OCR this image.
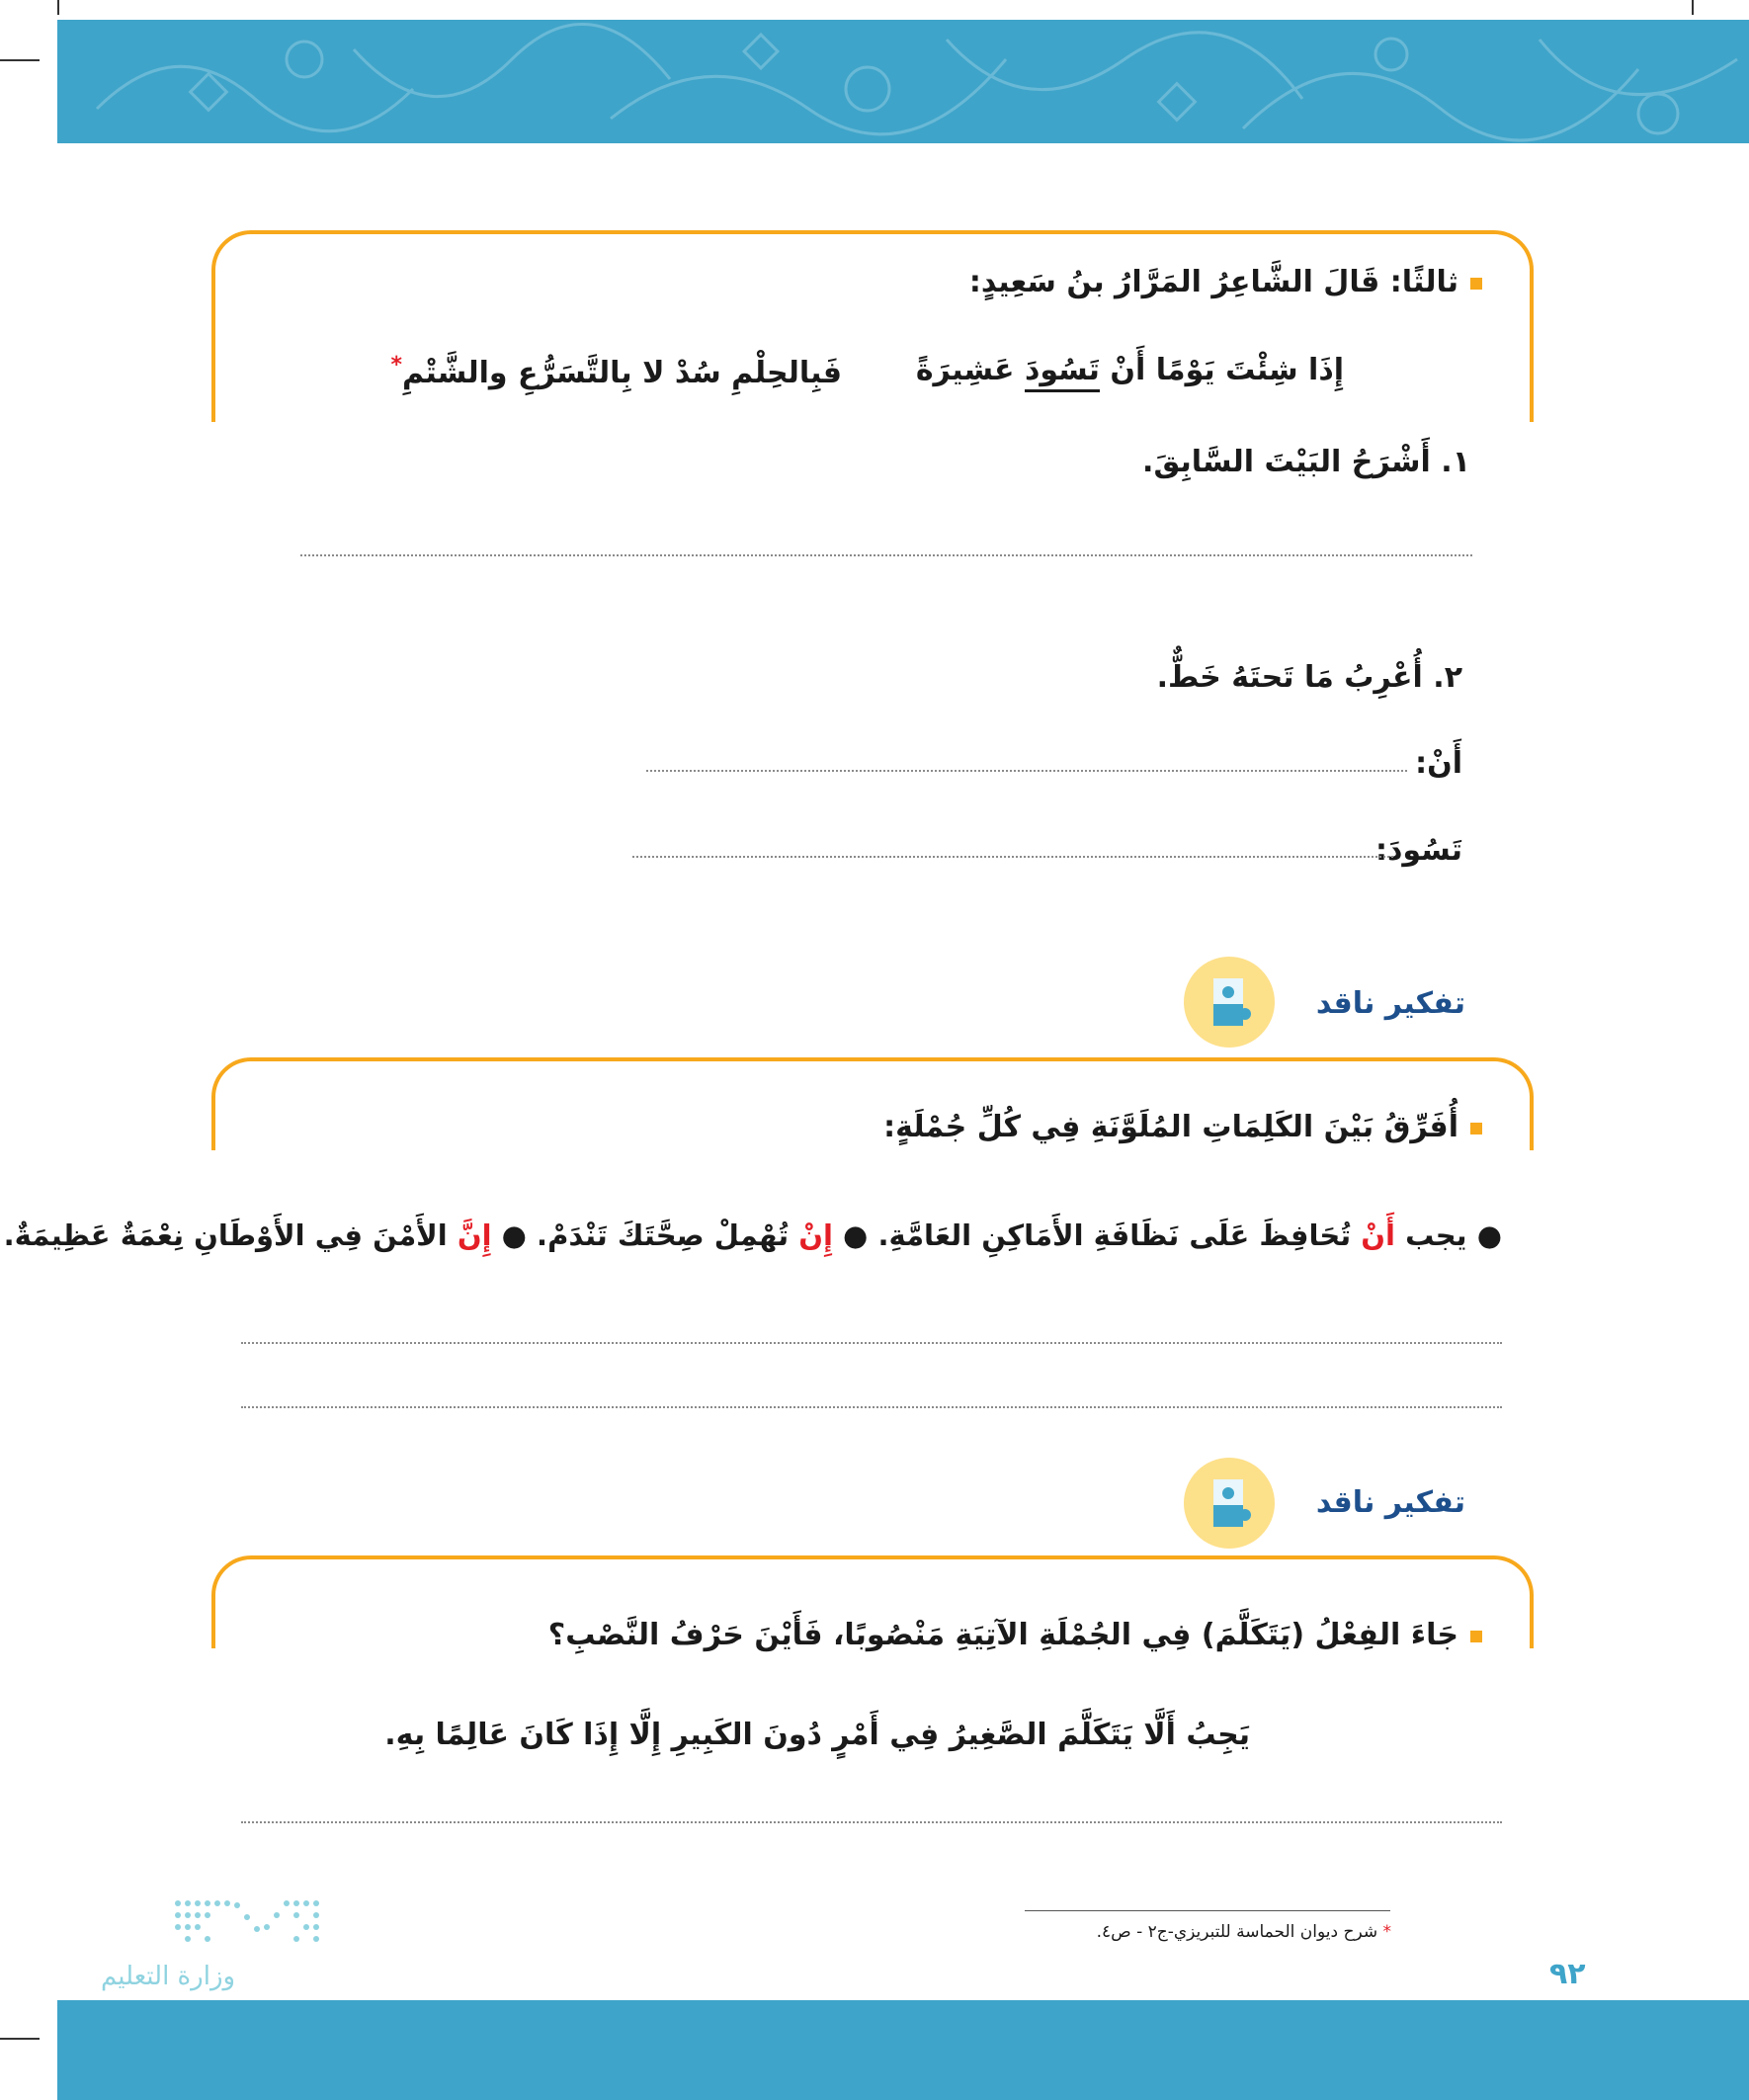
ثالثًا: قَالَ الشَّاعِرُ المَرَّارُ بنُ سَعِيدٍ:
إِذَا شِئْتَ يَوْمًا أَنْ تَسُودَ عَشِيرَةً
فَبِالحِلْمِ سُدْ لا بِالتَّسَرُّعِ والشَّتْمِ*
١. أَشْرَحُ البَيْتَ السَّابِقَ.
٢. أُعْرِبُ مَا تَحتَهُ خَطٌّ.
أَنْ:
تَسُودَ:
تفكير ناقد
أُفَرِّقُ بَيْنَ الكَلِمَاتِ المُلَوَّنَةِ فِي كُلِّ جُمْلَةٍ:
● يجب أَنْ تُحَافِظَ عَلَى نَظَافَةِ الأَمَاكِنِ العَامَّةِ. ● إِنْ تُهْمِلْ صِحَّتَكَ تَنْدَمْ. ● إِنَّ الأَمْنَ فِي الأَوْطَانِ نِعْمَةٌ عَظِيمَةٌ.
تفكير ناقد
جَاءَ الفِعْلُ (يَتَكَلَّمَ) فِي الجُمْلَةِ الآتِيَةِ مَنْصُوبًا، فَأَيْنَ حَرْفُ النَّصْبِ؟
يَجِبُ أَلَّا يَتَكَلَّمَ الصَّغِيرُ فِي أَمْرٍ دُونَ الكَبِيرِ إِلَّا إِذَا كَانَ عَالِمًا بِهِ.
* شرح ديوان الحماسة للتبريزي-ج٢ - ص٤.
٩٢
وزارة التعليم
